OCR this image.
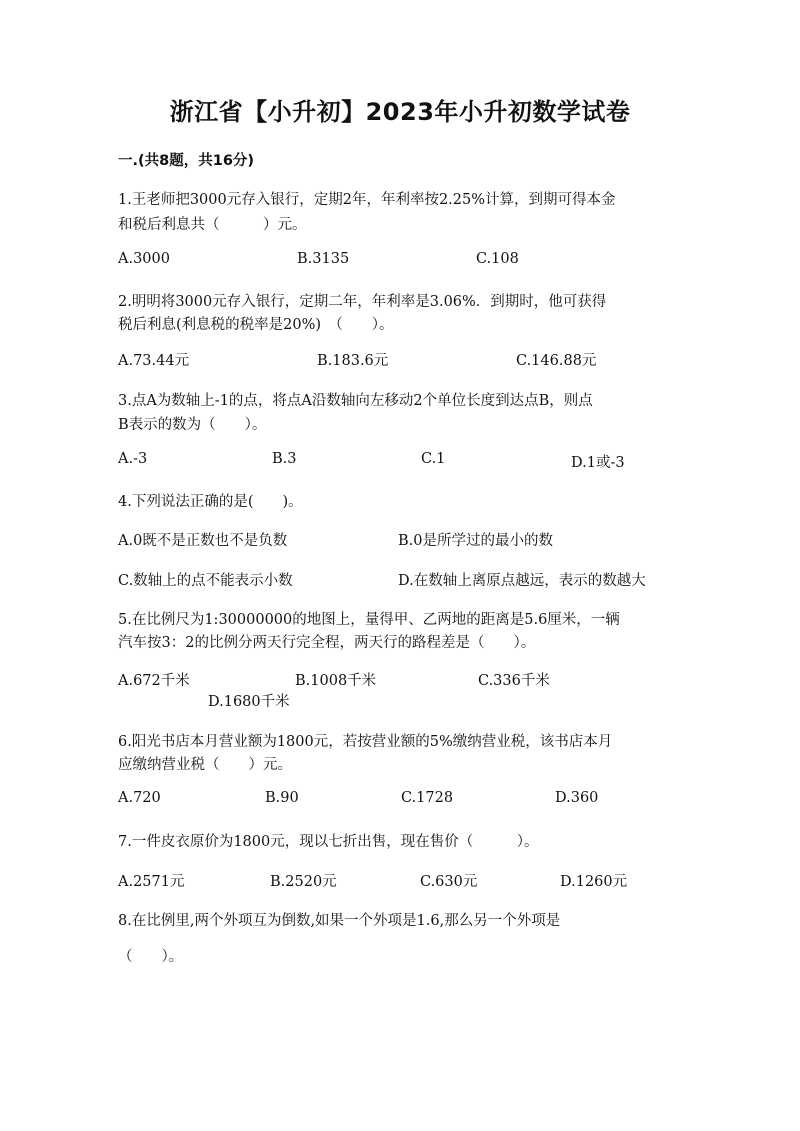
浙江省【小升初】2023年小升初数学试卷
一.(共8题，共16分)
1.王老师把3000元存入银行，定期2年，年利率按2.25%计算，到期可得本金
和税后利息共（　　　）元。
A.3000	B.3135	C.108
2.明明将3000元存入银行，定期二年，年利率是3.06%．到期时，他可获得
税后利息(利息税的税率是20%)　（　　）。
A.73.44元	B.183.6元	C.146.88元
3.点A为数轴上-1的点，将点A沿数轴向左移动2个单位长度到达点B，则点
B表示的数为（　　）。
A.-3	B.3	C.1	D.1或-3
4.下列说法正确的是(　　)。
A.0既不是正数也不是负数	B.0是所学过的最小的数
C.数轴上的点不能表示小数	D.在数轴上离原点越远，表示的数越大
5.在比例尺为1:30000000的地图上，量得甲、乙两地的距离是5.6厘米，一辆
汽车按3：2的比例分两天行完全程，两天行的路程差是（　　）。
A.672千米	B.1008千米	C.336千米
D.1680千米
6.阳光书店本月营业额为1800元，若按营业额的5%缴纳营业税，该书店本月
应缴纳营业税（　　）元。
A.720	B.90	C.1728	D.360
7.一件皮衣原价为1800元，现以七折出售，现在售价（　　　）。
A.2571元	B.2520元	C.630元	D.1260元
8.在比例里,两个外项互为倒数,如果一个外项是1.6,那么另一个外项是
（　　）。
